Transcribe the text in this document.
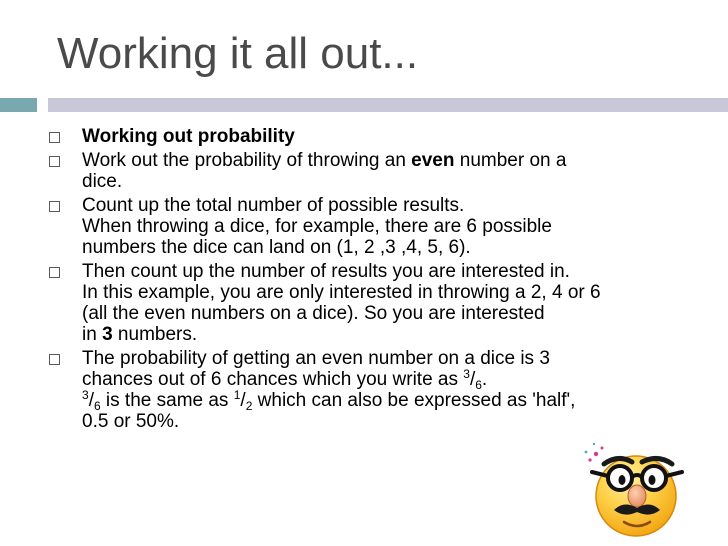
Working it all out...
Working out probability
Work out the probability of throwing an even number on a
dice.
Count up the total number of possible results.
When throwing a dice, for example, there are 6 possible
numbers the dice can land on (1, 2 ,3 ,4, 5, 6).
Then count up the number of results you are interested in.
In this example, you are only interested in throwing a 2, 4 or 6
(all the even numbers on a dice). So you are interested
in 3 numbers.
The probability of getting an even number on a dice is 3
chances out of 6 chances which you write as $^3/_6$.
$^3/_6$ is the same as $^1/_2$ which can also be expressed as 'half',
0.5 or 50%.
